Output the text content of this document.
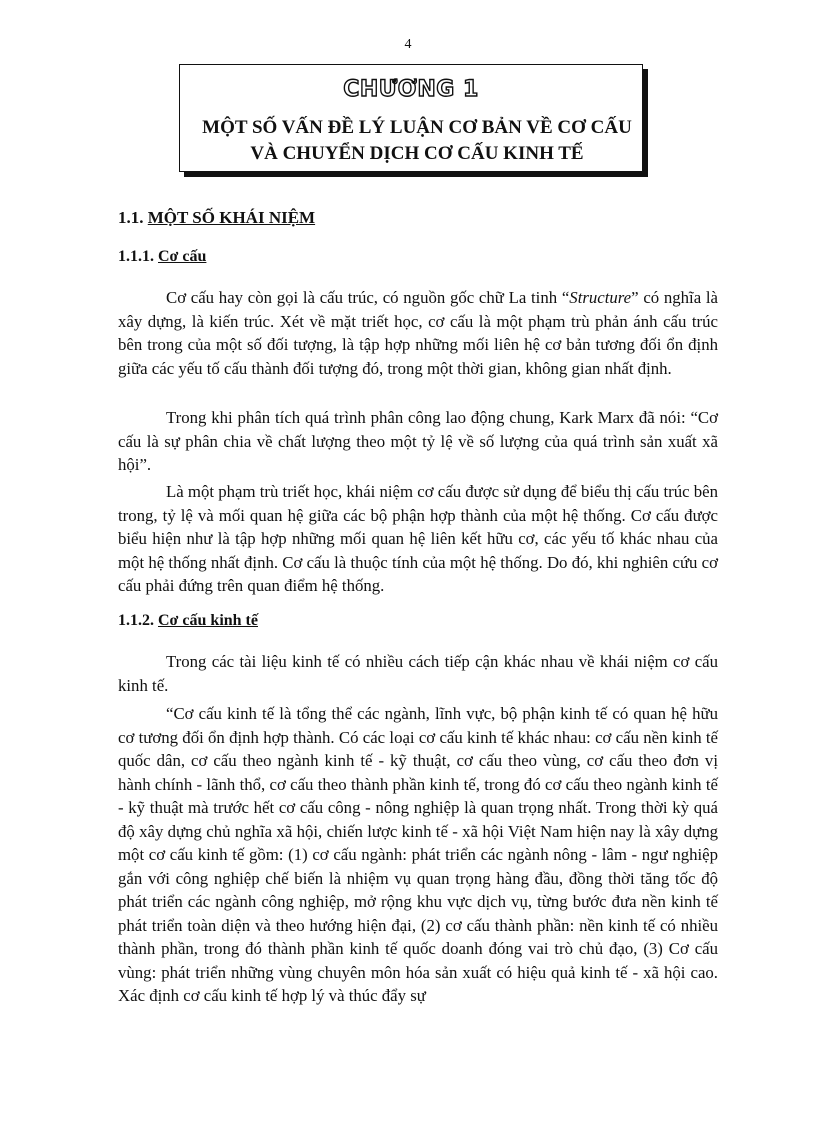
4
CHƯƠNG 1
MỘT SỐ VẤN ĐỀ LÝ LUẬN CƠ BẢN VỀ CƠ CẤU
VÀ CHUYỂN DỊCH CƠ CẤU KINH TẾ
1.1. MỘT SỐ KHÁI NIỆM
1.1.1. Cơ cấu

Cơ cấu hay còn gọi là cấu trúc, có nguồn gốc chữ La tinh “Structure” có nghĩa là xây dựng, là kiến trúc. Xét về mặt triết học, cơ cấu là một phạm trù phản ánh cấu trúc bên trong của một số đối tượng, là tập hợp những mối liên hệ cơ bản tương đối ổn định giữa các yếu tố cấu thành đối tượng đó, trong một thời gian, không gian nhất định.

Trong khi phân tích quá trình phân công lao động chung, Kark Marx đã nói: “Cơ cấu là sự phân chia về chất lượng theo một tỷ lệ về số lượng của quá trình sản xuất xã hội”.

Là một phạm trù triết học, khái niệm cơ cấu được sử dụng để biểu thị cấu trúc bên trong, tỷ lệ và mối quan hệ giữa các bộ phận hợp thành của một hệ thống. Cơ cấu được biểu hiện như là tập hợp những mối quan hệ liên kết hữu cơ, các yếu tố khác nhau của một hệ thống nhất định. Cơ cấu là thuộc tính của một hệ thống. Do đó, khi nghiên cứu cơ cấu phải đứng trên quan điểm hệ thống.

1.1.2. Cơ cấu kinh tế

Trong các tài liệu kinh tế có nhiều cách tiếp cận khác nhau về khái niệm cơ cấu kinh tế.

“Cơ cấu kinh tế là tổng thể các ngành, lĩnh vực, bộ phận kinh tế có quan hệ hữu cơ tương đối ổn định hợp thành. Có các loại cơ cấu kinh tế khác nhau: cơ cấu nền kinh tế quốc dân, cơ cấu theo ngành kinh tế - kỹ thuật, cơ cấu theo vùng, cơ cấu theo đơn vị hành chính - lãnh thổ, cơ cấu theo thành phần kinh tế, trong đó cơ cấu theo ngành kinh tế - kỹ thuật mà trước hết cơ cấu công - nông nghiệp là quan trọng nhất. Trong thời kỳ quá độ xây dựng chủ nghĩa xã hội, chiến lược kinh tế - xã hội Việt Nam hiện nay là xây dựng một cơ cấu kinh tế gồm: (1) cơ cấu ngành: phát triển các ngành nông - lâm - ngư nghiệp gắn với công nghiệp chế biến là nhiệm vụ quan trọng hàng đầu, đồng thời tăng tốc độ phát triển các ngành công nghiệp, mở rộng khu vực dịch vụ, từng bước đưa nền kinh tế phát triển toàn diện và theo hướng hiện đại, (2) cơ cấu thành phần: nền kinh tế có nhiều thành phần, trong đó thành phần kinh tế quốc doanh đóng vai trò chủ đạo, (3) Cơ cấu vùng: phát triển những vùng chuyên môn hóa sản xuất có hiệu quả kinh tế - xã hội cao. Xác định cơ cấu kinh tế hợp lý và thúc đẩy sự
